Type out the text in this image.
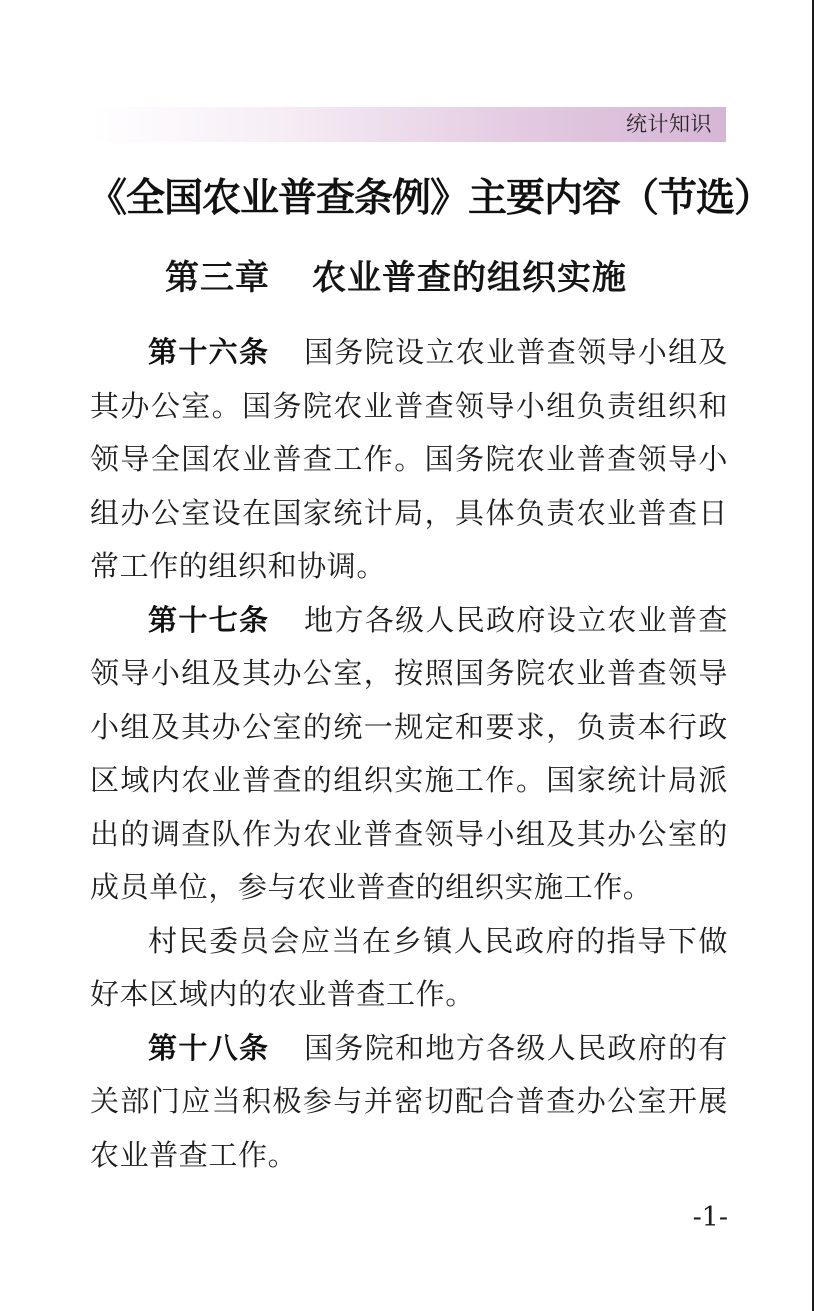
统计知识
《全国农业普查条例》主要内容（节选）
第三章 农业普查的组织实施

第十六条 国务院设立农业普查领导小组及其办公室。国务院农业普查领导小组负责组织和领导全国农业普查工作。国务院农业普查领导小组办公室设在国家统计局，具体负责农业普查日常工作的组织和协调。

第十七条 地方各级人民政府设立农业普查领导小组及其办公室，按照国务院农业普查领导小组及其办公室的统一规定和要求，负责本行政区域内农业普查的组织实施工作。国家统计局派出的调查队作为农业普查领导小组及其办公室的成员单位，参与农业普查的组织实施工作。

村民委员会应当在乡镇人民政府的指导下做好本区域内的农业普查工作。

第十八条 国务院和地方各级人民政府的有关部门应当积极参与并密切配合普查办公室开展农业普查工作。

-1-
